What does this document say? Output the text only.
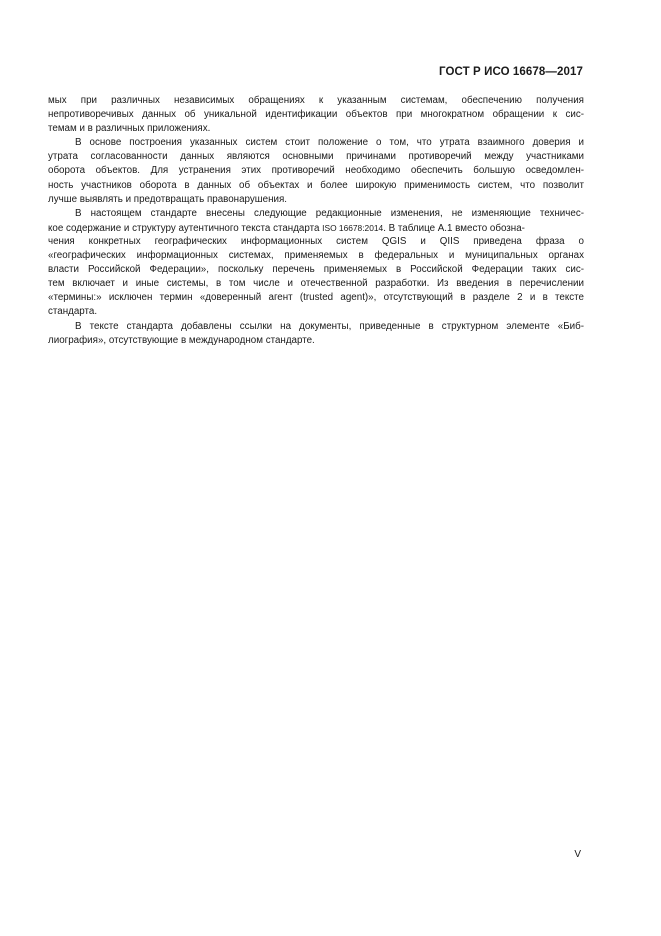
ГОСТ Р ИСО 16678—2017
мых при различных независимых обращениях к указанным системам, обеспечению получения
непротиворечивых данных об уникальной идентификации объектов при многократном обращении к сис-
темам и в различных приложениях.
В основе построения указанных систем стоит положение о том, что утрата взаимного доверия и
утрата согласованности данных являются основными причинами противоречий между участниками
оборота объектов. Для устранения этих противоречий необходимо обеспечить большую осведомлен-
ность участников оборота в данных об объектах и более широкую применимость систем, что позволит
лучше выявлять и предотвращать правонарушения.
В настоящем стандарте внесены следующие редакционные изменения, не изменяющие техничес-
кое содержание и структуру аутентичного текста стандарта ISO 16678:2014. В таблице А.1 вместо обозна-
чения конкретных географических информационных систем QGIS и QIIS приведена фраза о
«географических информационных системах, применяемых в федеральных и муниципальных органах
власти Российской Федерации», поскольку перечень применяемых в Российской Федерации таких сис-
тем включает и иные системы, в том числе и отечественной разработки. Из введения в перечислении
«термины:» исключен термин «доверенный агент (trusted agent)», отсутствующий в разделе 2 и в тексте
стандарта.
В тексте стандарта добавлены ссылки на документы, приведенные в структурном элементе «Биб-
лиография», отсутствующие в международном стандарте.
V
